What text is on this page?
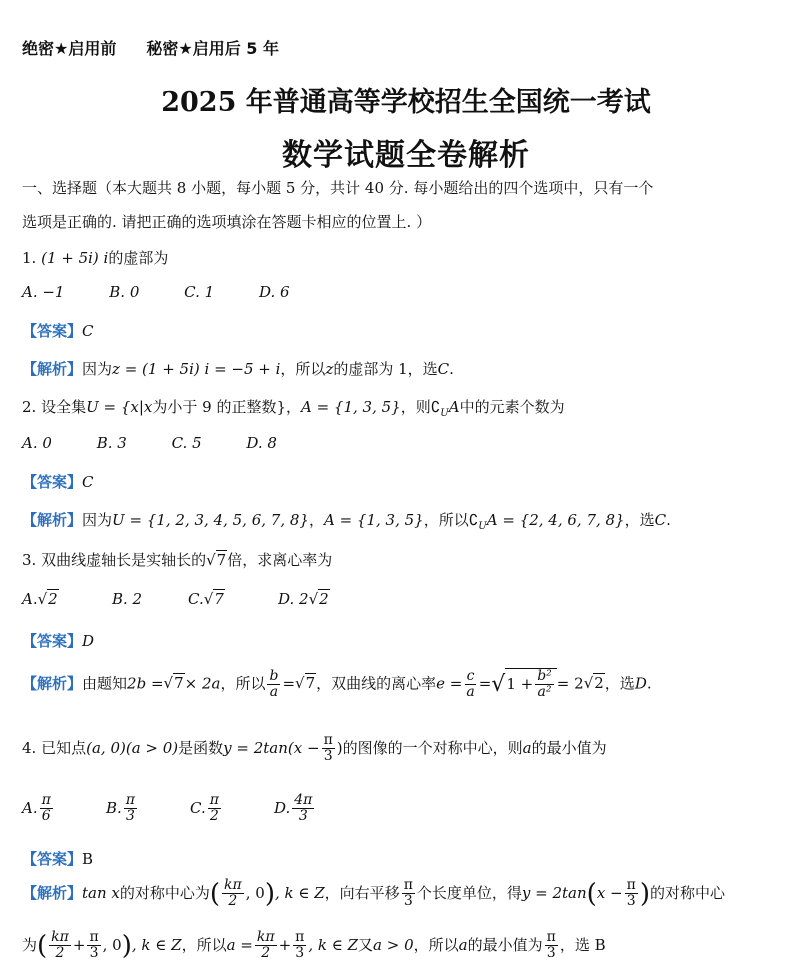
绝密★启用前 秘密★启用后 5 年
2025 年普通高等学校招生全国统一考试
数学试题全卷解析
一、选择题（本大题共 8 小题，每小题 5 分，共计 40 分. 每小题给出的四个选项中，只有一个
选项是正确的. 请把正确的选项填涂在答题卡相应的位置上. ）
1. (1 + 5i) i的虚部为
A. −1	B. 0	C. 1	D. 6
【答案】C
【解析】因为z = (1 + 5i) i = −5 + i，所以z的虚部为 1，选C.
2. 设全集U = {x|x为小于 9 的正整数}，A = {1, 3, 5}，则$∁_UA$中的元素个数为
A. 0	B. 3	C. 5	D. 8
【答案】C
【解析】因为U = {1, 2, 3, 4, 5, 6, 7, 8}，A = {1, 3, 5}，所以$∁_UA = \{2$, 4, 6, 7, 8}，选C.
3. 双曲线虚轴长是实轴长的√7倍，求离心率为
A.√2	B. 2	C.√7	D. 2√2
【答案】D
【解析】由题知2b =√7× 2a，所以 $\frac{b}{a} =√7$，双曲线的离心率$e = \frac{c}{a} =√1 + \frac{\text{b²}}{\text{a²}} = 2√2$，选D.
4. 已知点(a, 0)(a > 0)是函数$y = 2\tan(x - \frac{\pi}{3}$ )的图像的一个对称中心，则a的最小值为
A. $\frac{\pi}{6}$	B. $\frac{\pi}{3}$	C. $\frac{\pi}{2}$	D. $\frac{4\pi}{3}$
【答案】B
【解析】tan x的对称中心为( $\frac{k\pi}{2}$ , 0), k ∈ Z，向右平移 $\frac{\pi}{3}$ 个长度单位，得$y = 2\tan(x - \frac{\pi}{3}$ )的对称中心
为( $\frac{k\pi}{2} + \frac{\pi}{3}$ , 0), k ∈ Z，所以$a = \frac{k\pi}{2} + \frac{\pi}{3}$ , k ∈ Z又a > 0，所以a的最小值为 $\frac{\pi}{3}$ ，选 B
